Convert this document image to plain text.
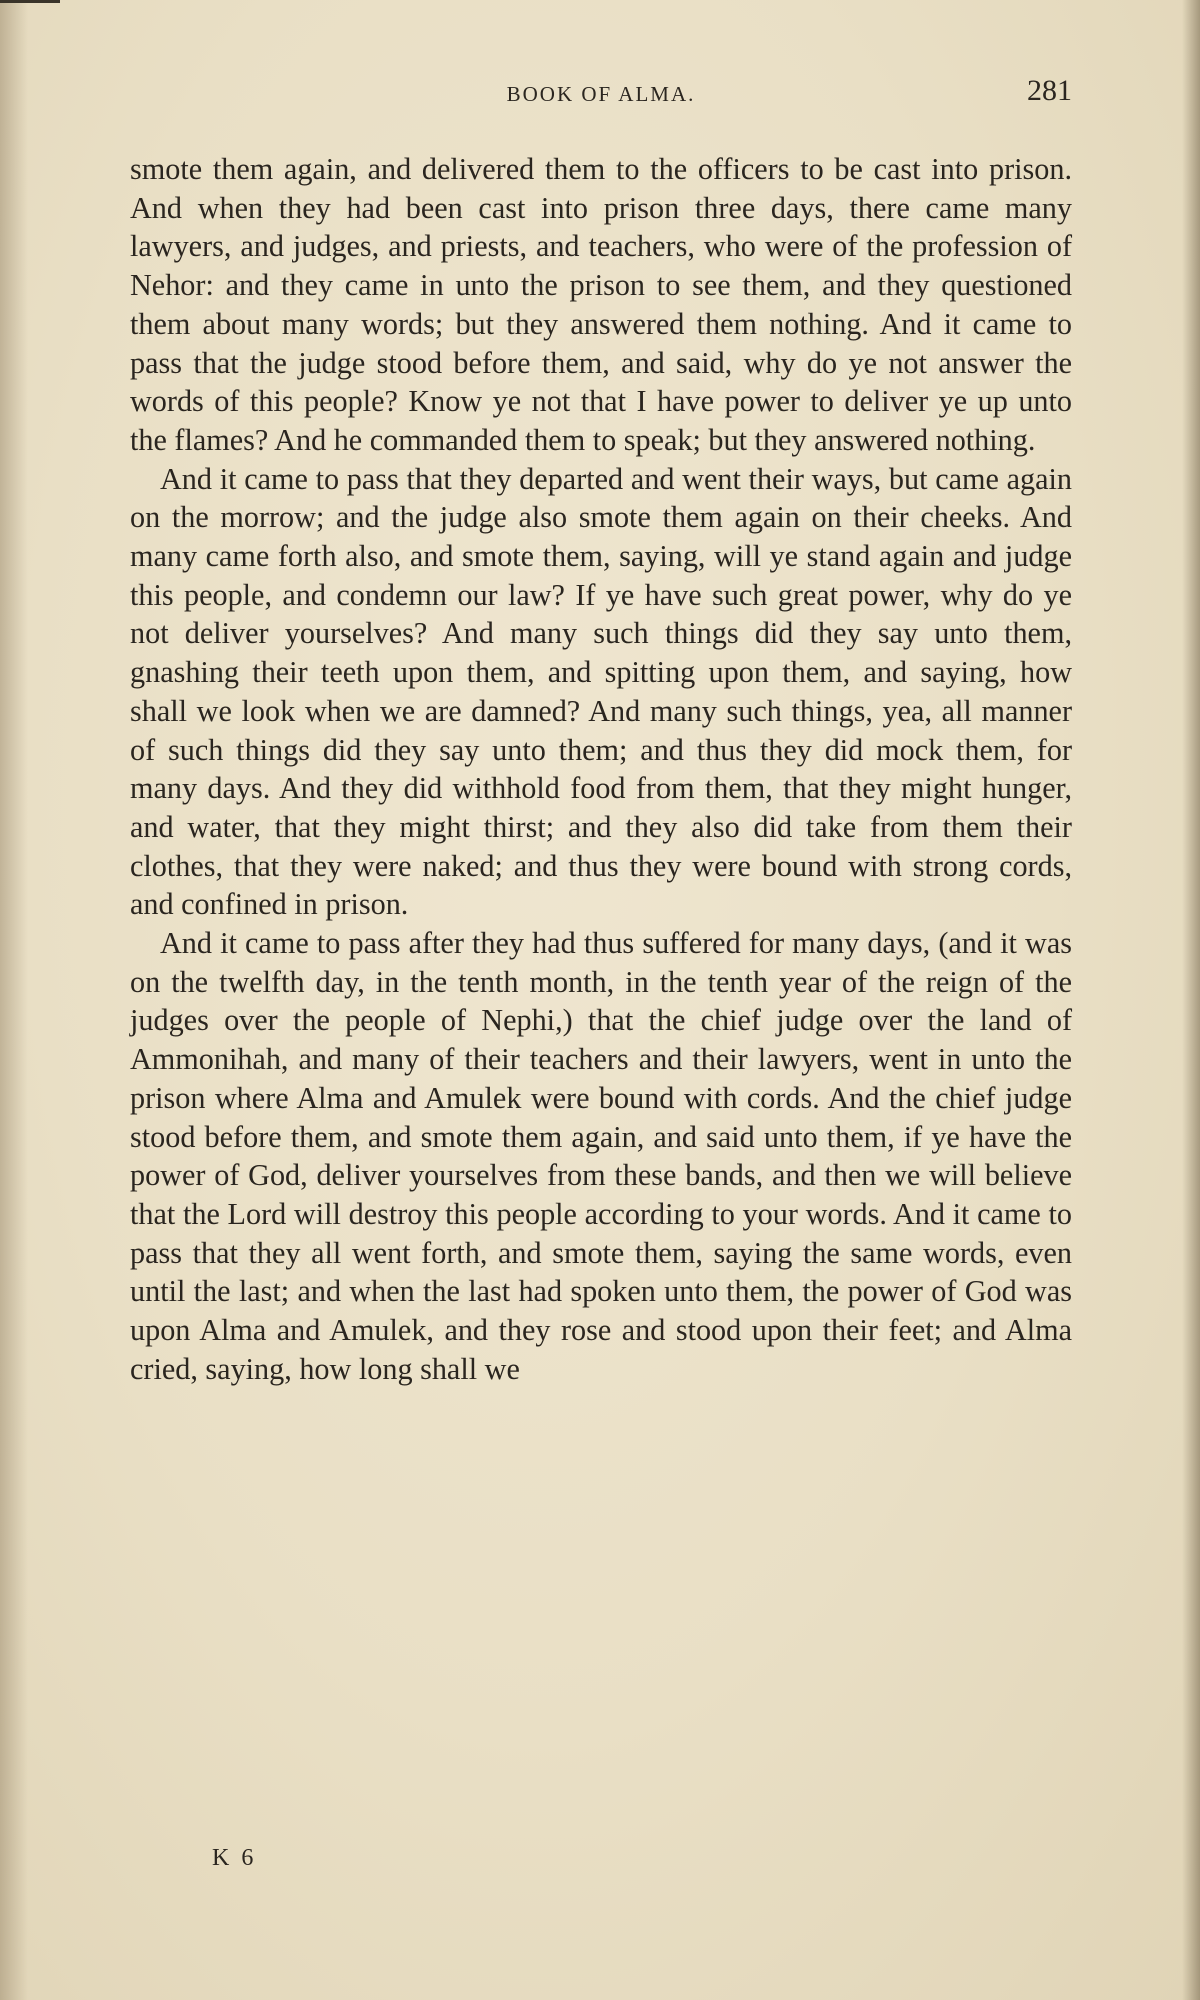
BOOK OF ALMA.	281

smote them again, and delivered them to the officers to be cast into prison. And when they had been cast into prison three days, there came many lawyers, and judges, and priests, and teachers, who were of the profession of Nehor: and they came in unto the prison to see them, and they questioned them about many words; but they answered them nothing. And it came to pass that the judge stood before them, and said, why do ye not answer the words of this people? Know ye not that I have power to deliver ye up unto the flames? And he commanded them to speak; but they answered nothing.

And it came to pass that they departed and went their ways, but came again on the morrow; and the judge also smote them again on their cheeks. And many came forth also, and smote them, saying, will ye stand again and judge this people, and condemn our law? If ye have such great power, why do ye not deliver yourselves? And many such things did they say unto them, gnashing their teeth upon them, and spitting upon them, and saying, how shall we look when we are damned? And many such things, yea, all manner of such things did they say unto them; and thus they did mock them, for many days. And they did withhold food from them, that they might hunger, and water, that they might thirst; and they also did take from them their clothes, that they were naked; and thus they were bound with strong cords, and confined in prison.

And it came to pass after they had thus suffered for many days, (and it was on the twelfth day, in the tenth month, in the tenth year of the reign of the judges over the people of Nephi,) that the chief judge over the land of Ammonihah, and many of their teachers and their lawyers, went in unto the prison where Alma and Amulek were bound with cords. And the chief judge stood before them, and smote them again, and said unto them, if ye have the power of God, deliver yourselves from these bands, and then we will believe that the Lord will destroy this people according to your words. And it came to pass that they all went forth, and smote them, saying the same words, even until the last; and when the last had spoken unto them, the power of God was upon Alma and Amulek, and they rose and stood upon their feet; and Alma cried, saying, how long shall we

K 6
